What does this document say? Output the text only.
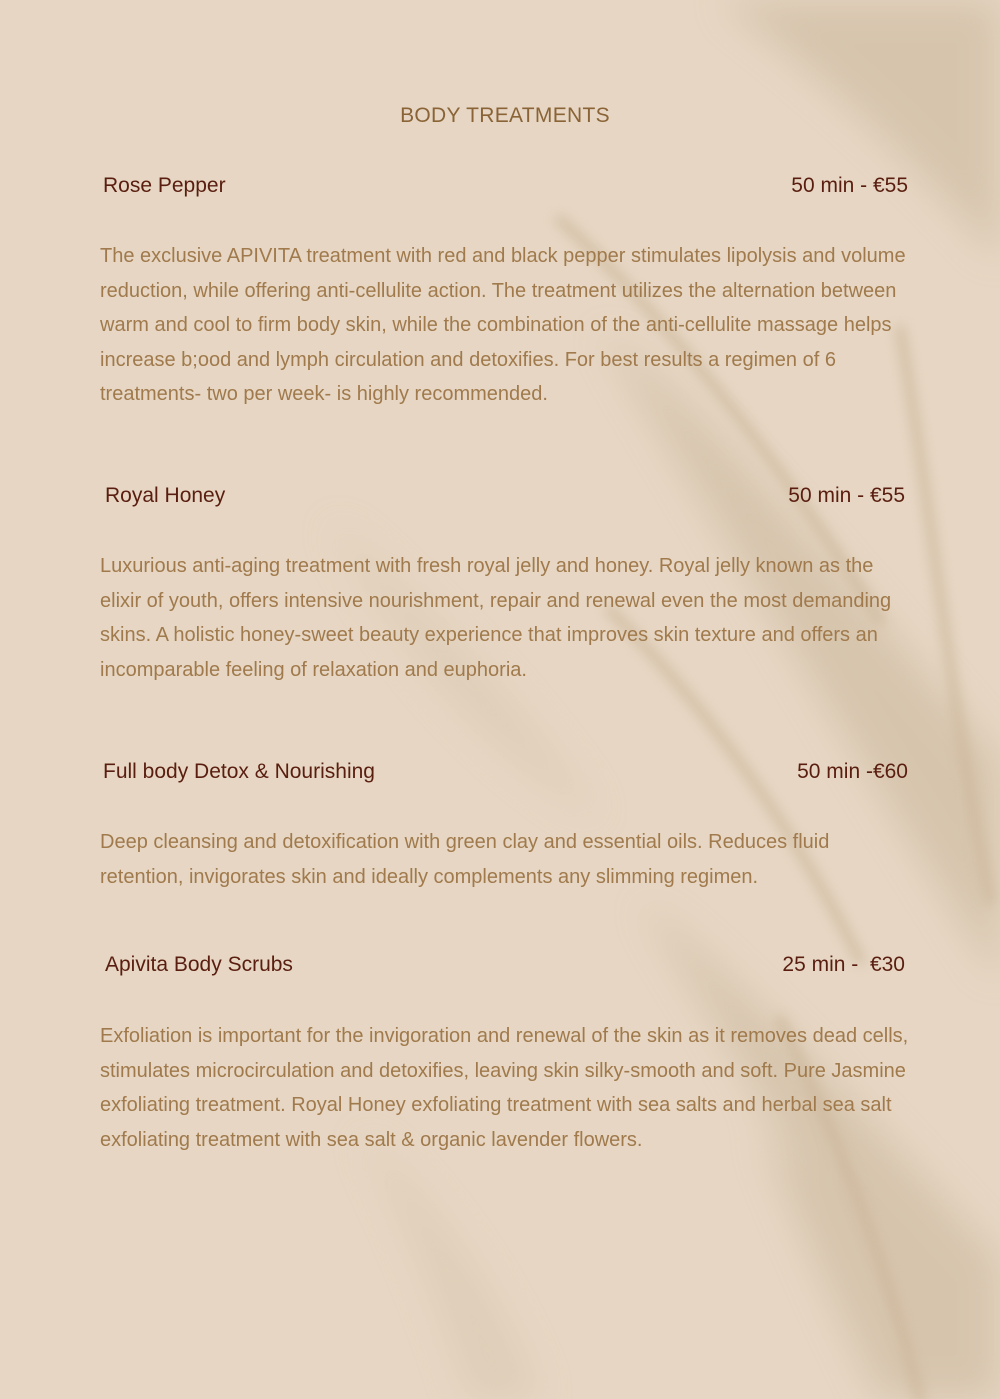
BODY TREATMENTS
Rose Pepper	50 min - €55

The exclusive APIVITA treatment with red and black pepper stimulates lipolysis and volume reduction, while offering anti-cellulite action. The treatment utilizes the alternation between warm and cool to firm body skin, while the combination of the anti-cellulite massage helps increase b;ood and lymph circulation and detoxifies. For best results a regimen of 6 treatments- two per week- is highly recommended.

Royal Honey	50 min - €55

Luxurious anti-aging treatment with fresh royal jelly and honey. Royal jelly known as the elixir of youth, offers intensive nourishment, repair and renewal even the most demanding skins. A holistic honey-sweet beauty experience that improves skin texture and offers an incomparable feeling of relaxation and euphoria.

Full body Detox & Nourishing	50 min -€60

Deep cleansing and detoxification with green clay and essential oils. Reduces fluid retention, invigorates skin and ideally complements any slimming regimen.

Apivita Body Scrubs	25 min -  €30

Exfoliation is important for the invigoration and renewal of the skin as it removes dead cells, stimulates microcirculation and detoxifies, leaving skin silky-smooth and soft. Pure Jasmine exfoliating treatment. Royal Honey exfoliating treatment with sea salts and herbal sea salt exfoliating treatment with sea salt & organic lavender flowers.
